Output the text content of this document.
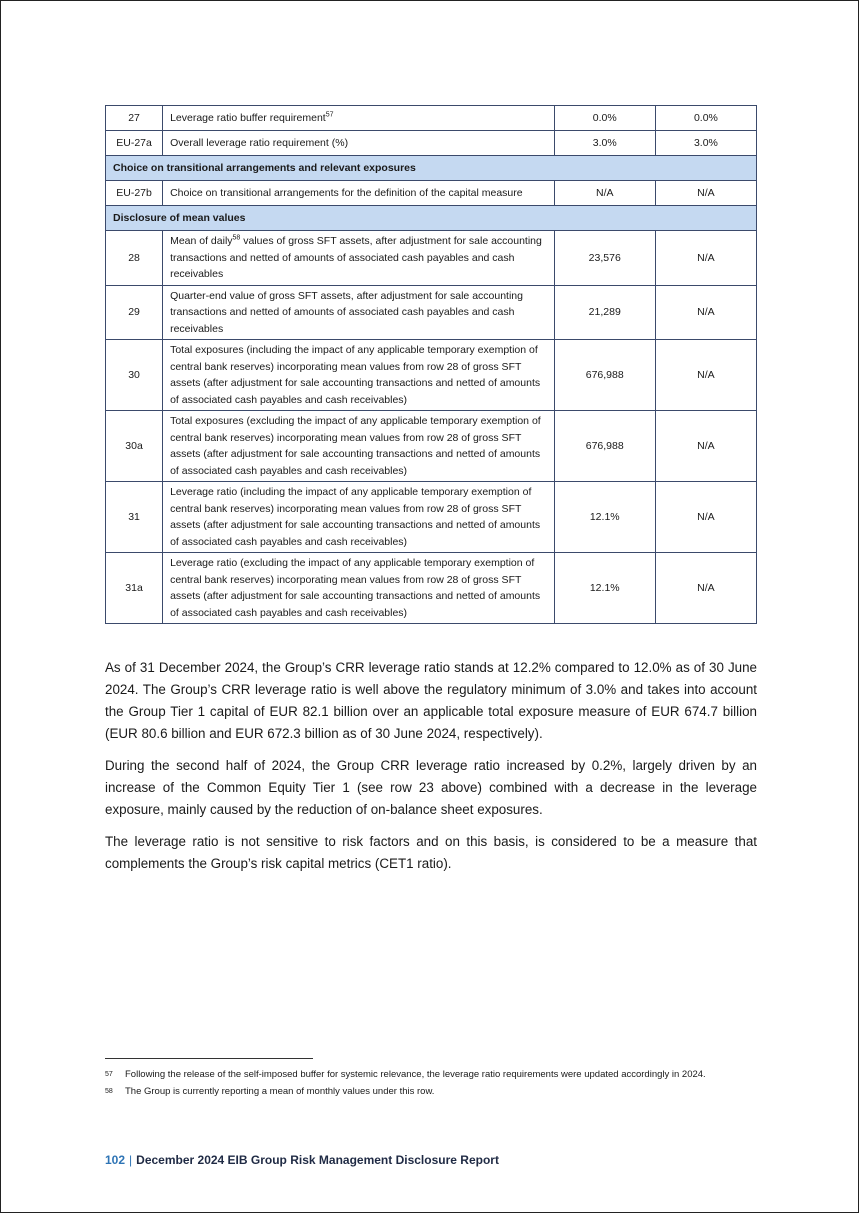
27	Leverage ratio buffer requirement$^{57}$	0.0%	0.0%
EU-27a	Overall leverage ratio requirement (%)	3.0%	3.0%
Choice on transitional arrangements and relevant exposures			
EU-27b	Choice on transitional arrangements for the definition of the capital measure	N/A	N/A
Disclosure of mean values			
28	Mean of daily$^{58}$ values of gross SFT assets, after adjustment for sale accounting transactions and netted of amounts of associated cash payables and cash receivables	23,576	N/A
29	Quarter-end value of gross SFT assets, after adjustment for sale accounting transactions and netted of amounts of associated cash payables and cash receivables	21,289	N/A
30	Total exposures (including the impact of any applicable temporary exemption of central bank reserves) incorporating mean values from row 28 of gross SFT assets (after adjustment for sale accounting transactions and netted of amounts of associated cash payables and cash receivables)	676,988	N/A
30a	Total exposures (excluding the impact of any applicable temporary exemption of central bank reserves) incorporating mean values from row 28 of gross SFT assets (after adjustment for sale accounting transactions and netted of amounts of associated cash payables and cash receivables)	676,988	N/A
31	Leverage ratio (including the impact of any applicable temporary exemption of central bank reserves) incorporating mean values from row 28 of gross SFT assets (after adjustment for sale accounting transactions and netted of amounts of associated cash payables and cash receivables)	12.1%	N/A
31a	Leverage ratio (excluding the impact of any applicable temporary exemption of central bank reserves) incorporating mean values from row 28 of gross SFT assets (after adjustment for sale accounting transactions and netted of amounts of associated cash payables and cash receivables)	12.1%	N/A

As of 31 December 2024, the Group’s CRR leverage ratio stands at 12.2% compared to 12.0% as of 30 June 2024. The Group’s CRR leverage ratio is well above the regulatory minimum of 3.0% and takes into account the Group Tier 1 capital of EUR 82.1 billion over an applicable total exposure measure of EUR 674.7 billion (EUR 80.6 billion and EUR 672.3 billion as of 30 June 2024, respectively).

During the second half of 2024, the Group CRR leverage ratio increased by 0.2%, largely driven by an increase of the Common Equity Tier 1 (see row 23 above) combined with a decrease in the leverage exposure, mainly caused by the reduction of on-balance sheet exposures.

The leverage ratio is not sensitive to risk factors and on this basis, is considered to be a measure that complements the Group’s risk capital metrics (CET1 ratio).

57	Following the release of the self-imposed buffer for systemic relevance, the leverage ratio requirements were updated accordingly in 2024.
58	The Group is currently reporting a mean of monthly values under this row.
102 | December 2024 EIB Group Risk Management Disclosure Report
